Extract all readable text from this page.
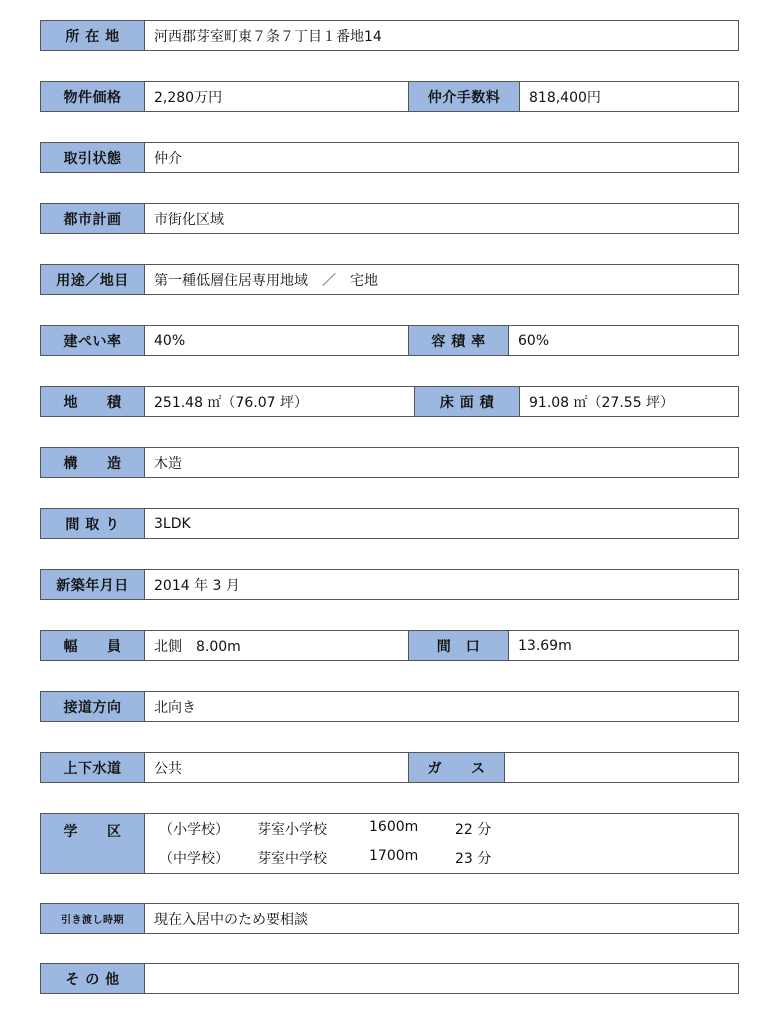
所 在 地	河西郡芽室町東７条７丁目１番地14
物件価格	2,280万円	仲介手数料	818,400円
取引状態	仲介
都市計画	市街化区域
用途／地目	第一種低層住居専用地域　／　宅地
建ぺい率	40%	容 積 率	60%
地　　積	251.48 ㎡（76.07 坪）	床 面 積	91.08 ㎡（27.55 坪）
構　　造	木造
間 取 り	3LDK
新築年月日	2014 年 3 月
幅　　員	北側　8.00m	間　口	13.69m
接道方向	北向き
上下水道	公共	ガ　　ス
学　　区	（小学校）	芽室小学校	1600m	22 分
（中学校）	芽室中学校	1700m	23 分
引き渡し時期	現在入居中のため要相談
そ の 他
